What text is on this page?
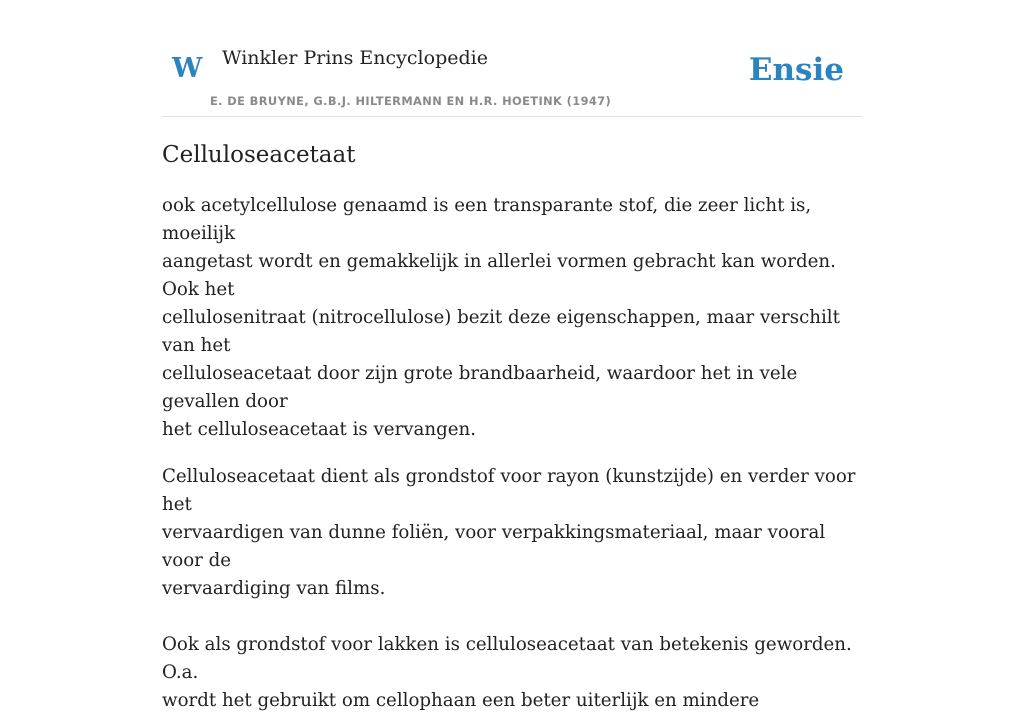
W Winkler Prins Encyclopedie
E. DE BRUYNE, G.B.J. HILTERMANN EN H.R. HOETINK (1947)
Ensie
Celluloseacetaat

ook acetylcellulose genaamd is een transparante stof, die zeer licht is, moeilijk
aangetast wordt en gemakkelijk in allerlei vormen gebracht kan worden. Ook het
cellulosenitraat (nitrocellulose) bezit deze eigenschappen, maar verschilt van het
celluloseacetaat door zijn grote brandbaarheid, waardoor het in vele gevallen door
het celluloseacetaat is vervangen.

Celluloseacetaat dient als grondstof voor rayon (kunstzijde) en verder voor het
vervaardigen van dunne foliën, voor verpakkingsmateriaal, maar vooral voor de
vervaardiging van films.

Ook als grondstof voor lakken is celluloseacetaat van betekenis geworden. O.a.
wordt het gebruikt om cellophaan een beter uiterlijk en mindere
